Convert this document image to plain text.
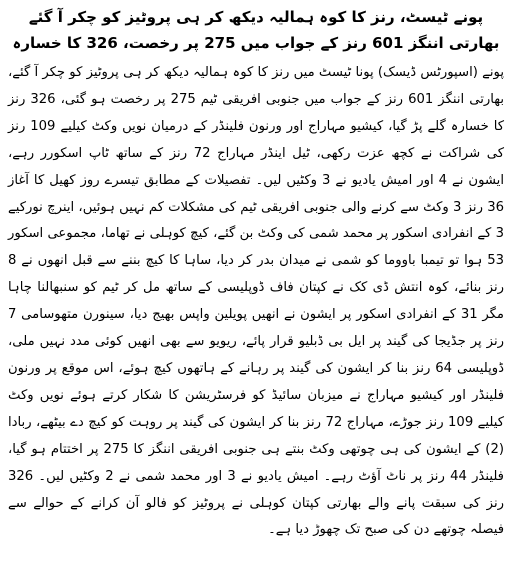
پونے ٹیسٹ، رنز کا کوہ ہمالیہ دیکھ کر ہی پروٹیز کو چکر آ گئے
بھارتی اننگز 601 رنز کے جواب میں 275 پر رخصت، 326 کا خسارہ

پونے (اسپورٹس ڈیسک) پونا ٹیسٹ میں رنز کا کوہ ہمالیہ دیکھ کر ہی پروٹیز کو چکر آ گئے، بھارتی اننگز 601 رنز کے جواب میں جنوبی افریقی ٹیم 275 پر رخصت ہو گئی، 326 رنز کا خسارہ گلے پڑ گیا، کیشیو مہاراج اور ورنون فلینڈر کے درمیان نویں وکٹ کیلیے 109 رنز کی شراکت نے کچھ عزت رکھی، ٹیل اینڈر مہاراج 72 رنز کے ساتھ ٹاپ اسکورر رہے، ایشون نے 4 اور امیش یادیو نے 3 وکٹیں لیں۔ تفصیلات کے مطابق تیسرے روز کھیل کا آغاز 36 رنز 3 وکٹ سے کرنے والی جنوبی افریقی ٹیم کی مشکلات کم نہیں ہوئیں، اینرچ نورکیے 3 کے انفرادی اسکور پر محمد شمی کی وکٹ بن گئے، کیچ کوہلی نے تھاما، مجموعی اسکور 53 ہوا تو تیمبا باووما کو شمی نے میدان بدر کر دیا، ساہا کا کیچ بننے سے قبل انھوں نے 8 رنز بنائے، کوہ انتش ڈی کک نے کپتان فاف ڈوپلیسی کے ساتھ مل کر ٹیم کو سنبھالنا چاہا مگر 31 کے انفرادی اسکور پر ایشون نے انھیں پویلین واپس بھیج دیا، سینورن متھوسامی 7 رنز پر جڈیجا کی گیند پر ایل بی ڈبلیو قرار پائے، ریویو سے بھی انھیں کوئی مدد نہیں ملی، ڈوپلیسی 64 رنز بنا کر ایشون کی گیند پر رہانے کے ہاتھوں کیچ ہوئے، اس موقع پر ورنون فلینڈر اور کیشیو مہاراج نے میزبان سائیڈ کو فرسٹریشن کا شکار کرتے ہوئے نویں وکٹ کیلیے 109 رنز جوڑے، مہاراج 72 رنز بنا کر ایشون کی گیند پر روہت کو کیچ دے بیٹھے، ربادا (2) کے ایشون کی ہی چوتھی وکٹ بنتے ہی جنوبی افریقی اننگز کا 275 پر اختتام ہو گیا، فلینڈر 44 رنز پر ناٹ آؤٹ رہے۔ امیش یادیو نے 3 اور محمد شمی نے 2 وکٹیں لیں۔ 326 رنز کی سبقت پانے والے بھارتی کپتان کوہلی نے پروٹیز کو فالو آن کرانے کے حوالے سے فیصلہ چوتھے دن کی صبح تک چھوڑ دیا ہے۔
